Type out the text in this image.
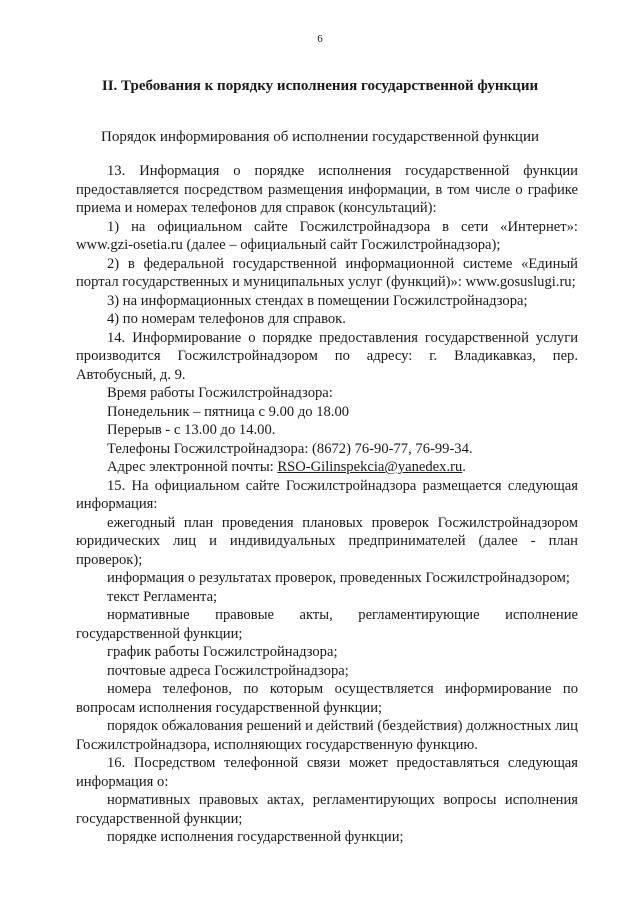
6
II. Требования к порядку исполнения государственной функции
Порядок информирования об исполнении государственной функции

13. Информация о порядке исполнения государственной функции предоставляется посредством размещения информации, в том числе о графике приема и номерах телефонов для справок (консультаций):

1) на официальном сайте Госжилстройнадзора в сети «Интернет»: www.gzi-osetia.ru (далее – официальный сайт Госжилстройнадзора);

2) в федеральной государственной информационной системе «Единый портал государственных и муниципальных услуг (функций)»: www.gosuslugi.ru;

3) на информационных стендах в помещении Госжилстройнадзора;

4) по номерам телефонов для справок.

14. Информирование о порядке предоставления государственной услуги производится Госжилстройнадзором по адресу: г. Владикавказ, пер. Автобусный, д. 9.

Время работы Госжилстройнадзора:

Понедельник – пятница с 9.00 до 18.00

Перерыв - с 13.00 до 14.00.

Телефоны Госжилстройнадзора: (8672) 76-90-77, 76-99-34.

Адрес электронной почты: RSO-Gilinspekcia@yanedex.ru.

15. На официальном сайте Госжилстройнадзора размещается следующая информация:

ежегодный план проведения плановых проверок Госжилстройнадзором юридических лиц и индивидуальных предпринимателей (далее - план проверок);

информация о результатах проверок, проведенных Госжилстройнадзором;

текст Регламента;

нормативные правовые акты, регламентирующие исполнение государственной функции;

график работы Госжилстройнадзора;

почтовые адреса Госжилстройнадзора;

номера телефонов, по которым осуществляется информирование по вопросам исполнения государственной функции;

порядок обжалования решений и действий (бездействия) должностных лиц Госжилстройнадзора, исполняющих государственную функцию.

16. Посредством телефонной связи может предоставляться следующая информация о:

нормативных правовых актах, регламентирующих вопросы исполнения государственной функции;

порядке исполнения государственной функции;
